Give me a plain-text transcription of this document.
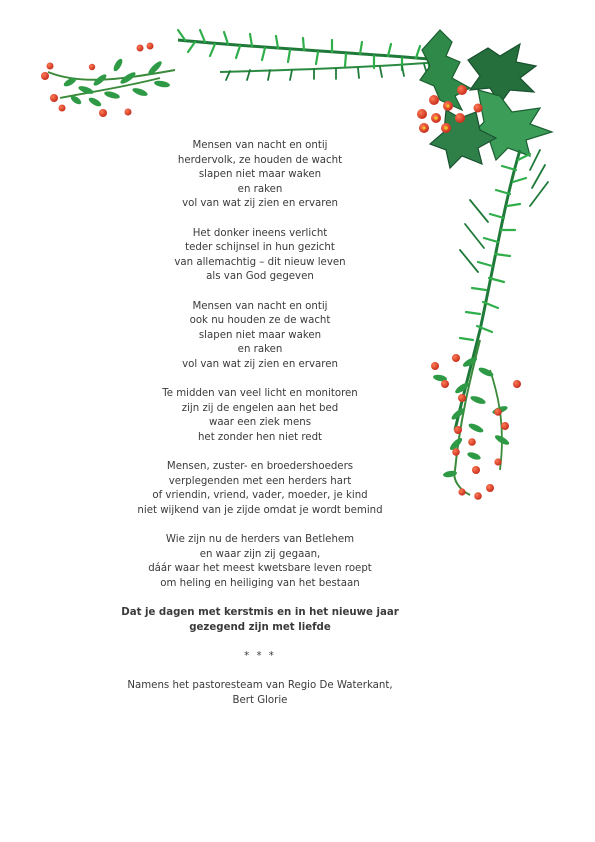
Mensen van nacht en ontij
herdervolk, ze houden de wacht
slapen niet maar waken
en raken
vol van wat zij zien en ervaren
Het donker ineens verlicht
teder schijnsel in hun gezicht
van allemachtig – dit nieuw leven
als van God gegeven
Mensen van nacht en ontij
ook nu houden ze de wacht
slapen niet maar waken
en raken
vol van wat zij zien en ervaren
Te midden van veel licht en monitoren
zijn zij de engelen aan het bed
waar een ziek mens
het zonder hen niet redt
Mensen, zuster- en broedershoeders
verplegenden met een herders hart
of vriendin, vriend, vader, moeder, je kind
niet wijkend van je zijde omdat je wordt bemind
Wie zijn nu de herders van Betlehem
en waar zijn zij gegaan,
dáár waar het meest kwetsbare leven roept
om heling en heiliging van het bestaan
Dat je dagen met kerstmis en in het nieuwe jaar
gezegend zijn met liefde
* * *
Namens het pastoresteam van Regio De Waterkant,
Bert Glorie
